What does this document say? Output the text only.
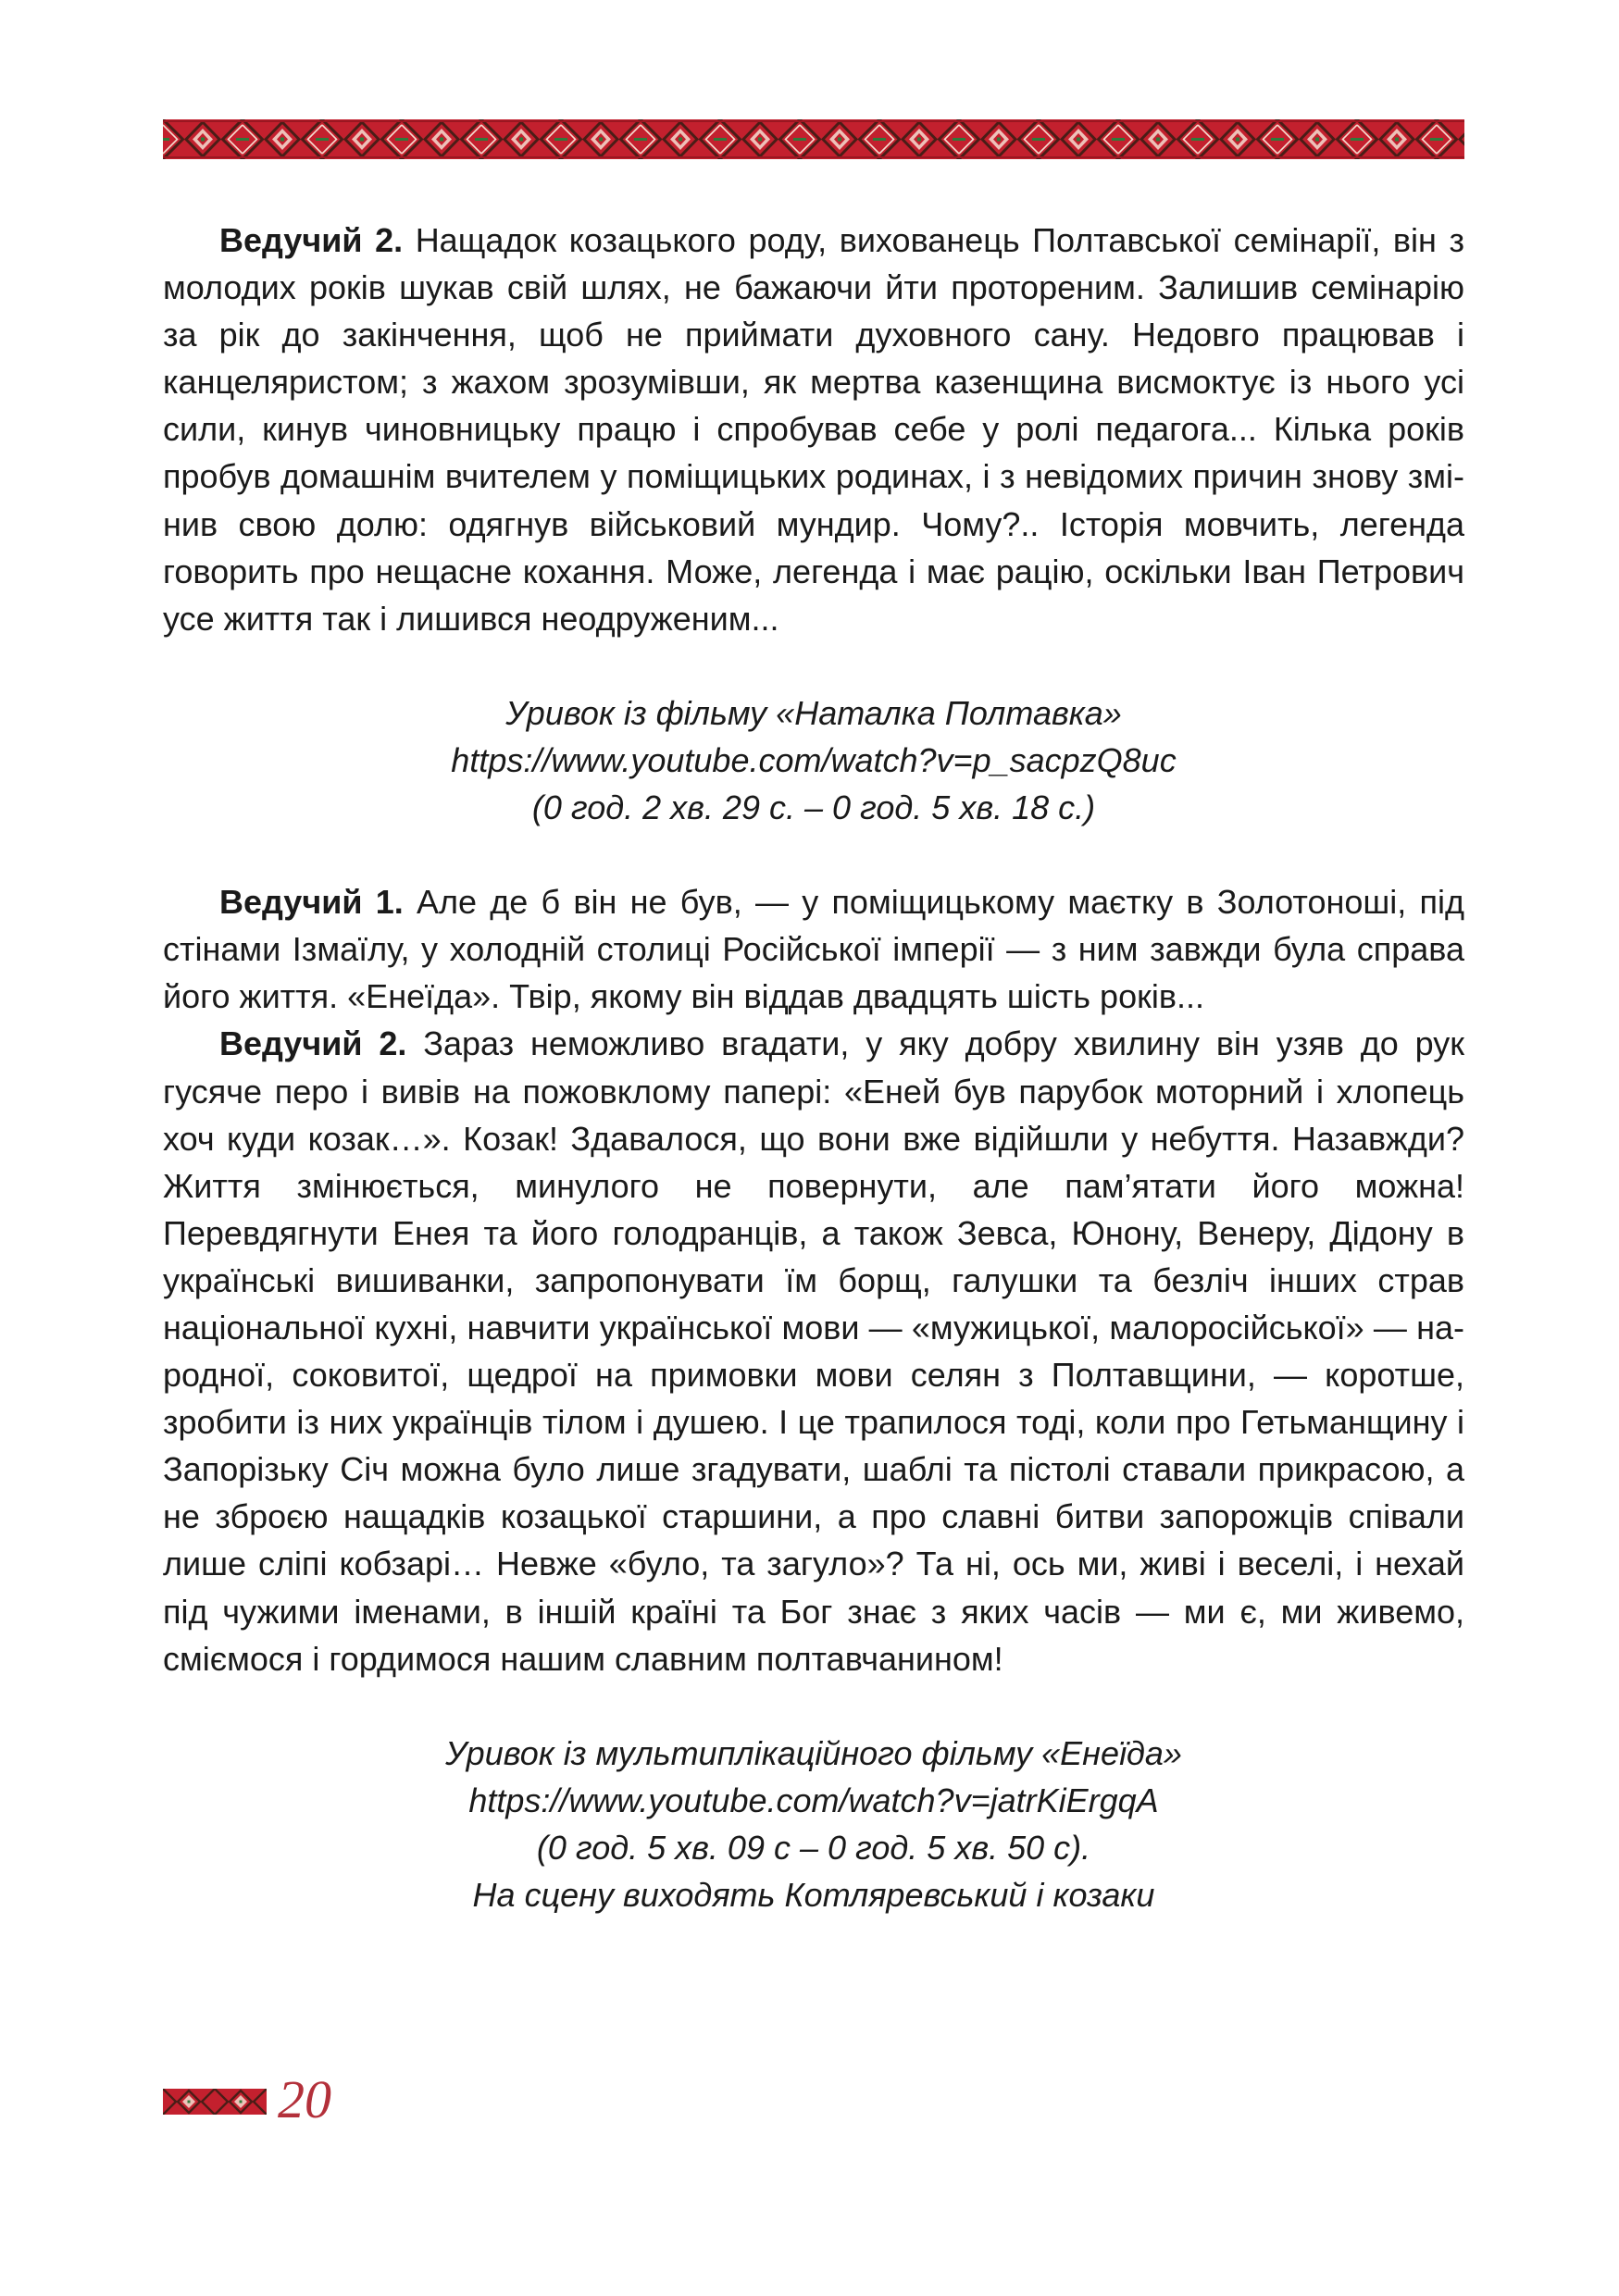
Ведучий 2. Нащадок козацького роду, вихованець Полтавської семінарії, він з молодих років шукав свій шлях, не бажаючи йти протореним. Залишив семінарію за рік до закінчення, щоб не приймати духовного сану. Недовго працював і канцеляристом; з жахом зрозумівши, як мертва казенщина висмоктує із нього усі сили, кинув чиновницьку працю і спробував себе у ролі педагога... Кілька років пробув домашнім вчителем у поміщицьких родинах, і з невідомих причин знову змінив свою долю: одягнув військовий мундир. Чому?.. Історія мовчить, легенда говорить про нещасне кохання. Може, легенда і має рацію, оскільки Іван Петрович усе життя так і лишився неодруженим...

Уривок із фільму «Наталка Полтавка»
https://www.youtube.com/watch?v=p_sacpzQ8uc
(0 год. 2 хв. 29 с. – 0 год. 5 хв. 18 с.)

Ведучий 1. Але де б він не був, — у поміщицькому маєтку в Золотоноші, під стінами Ізмаїлу, у холодній столиці Російської імперії — з ним завжди була справа його життя. «Енеїда». Твір, якому він віддав двадцять шість років...

Ведучий 2. Зараз неможливо вгадати, у яку добру хвилину він узяв до рук гусяче перо і вивів на пожовклому папері: «Еней був парубок моторний і хлопець хоч куди козак…». Козак! Здавалося, що вони вже відійшли у небуття. Назавжди? Життя змінюється, минулого не повернути, але пам’ятати його можна! Перевдягнути Енея та його голодранців, а також Зевса, Юнону, Венеру, Дідону в українські вишиванки, запропонувати їм борщ, галушки та безліч інших страв національної кухні, навчити української мови — «мужицької, малоросійської» — народної, соковитої, щедрої на примовки мови селян з Полтавщини, — коротше, зробити із них українців тілом і душею. І це трапилося тоді, коли про Гетьманщину і Запорізьку Січ можна було лише згадувати, шаблі та пістолі ставали прикрасою, а не зброєю нащадків козацької старшини, а про славні битви запорожців співали лише сліпі кобзарі… Невже «було, та загуло»? Та ні, ось ми, живі і веселі, і нехай під чужими іменами, в іншій країні та Бог знає з яких часів — ми є, ми живемо, сміємося і гордимося нашим славним полтавчанином!

Уривок із мультиплікаційного фільму «Енеїда»
https://www.youtube.com/watch?v=jatrKiErgqA
(0 год. 5 хв. 09 с – 0 год. 5 хв. 50 с).
На сцену виходять Котляревський і козаки

20
